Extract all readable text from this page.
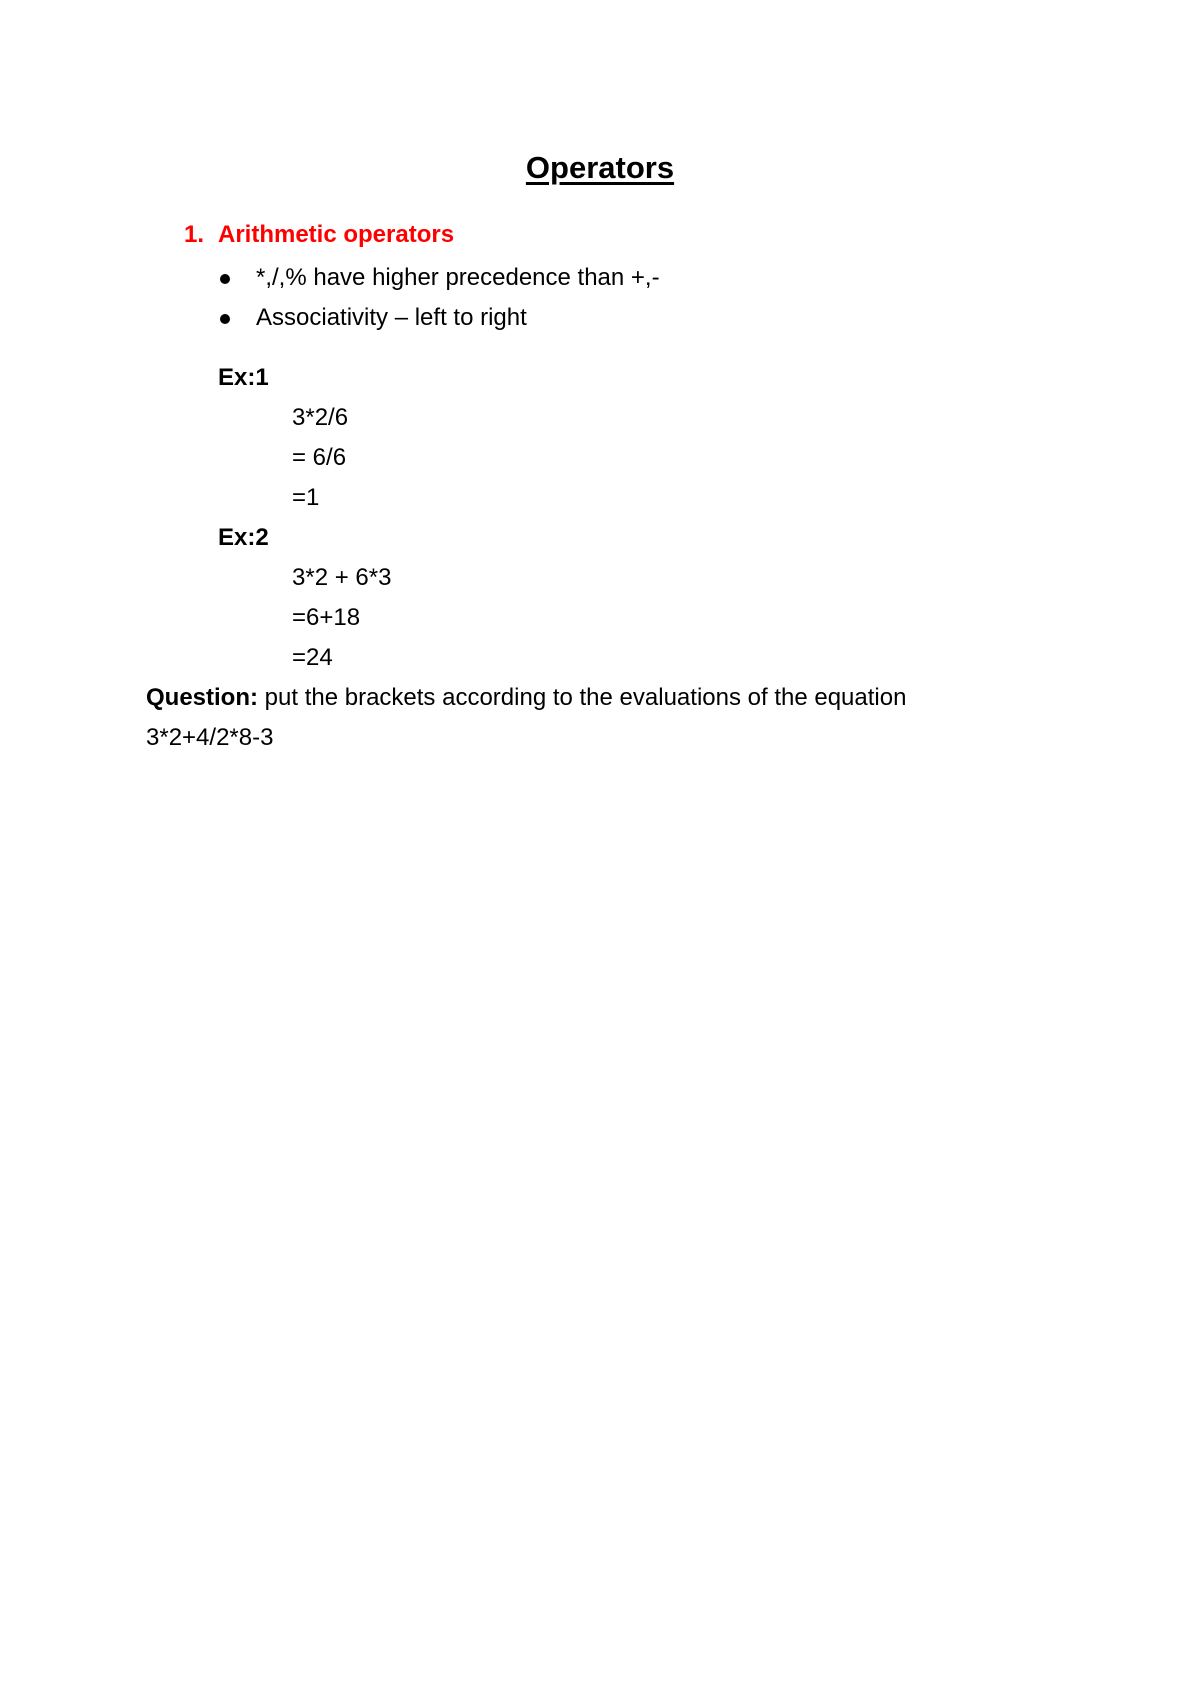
Operators
1. Arithmetic operators
*,/,% have higher precedence than +,-
Associativity – left to right
Ex:1
3*2/6
= 6/6
=1
Ex:2
3*2 + 6*3
=6+18
=24
Question: put the brackets according to the evaluations of the equation
3*2+4/2*8-3
